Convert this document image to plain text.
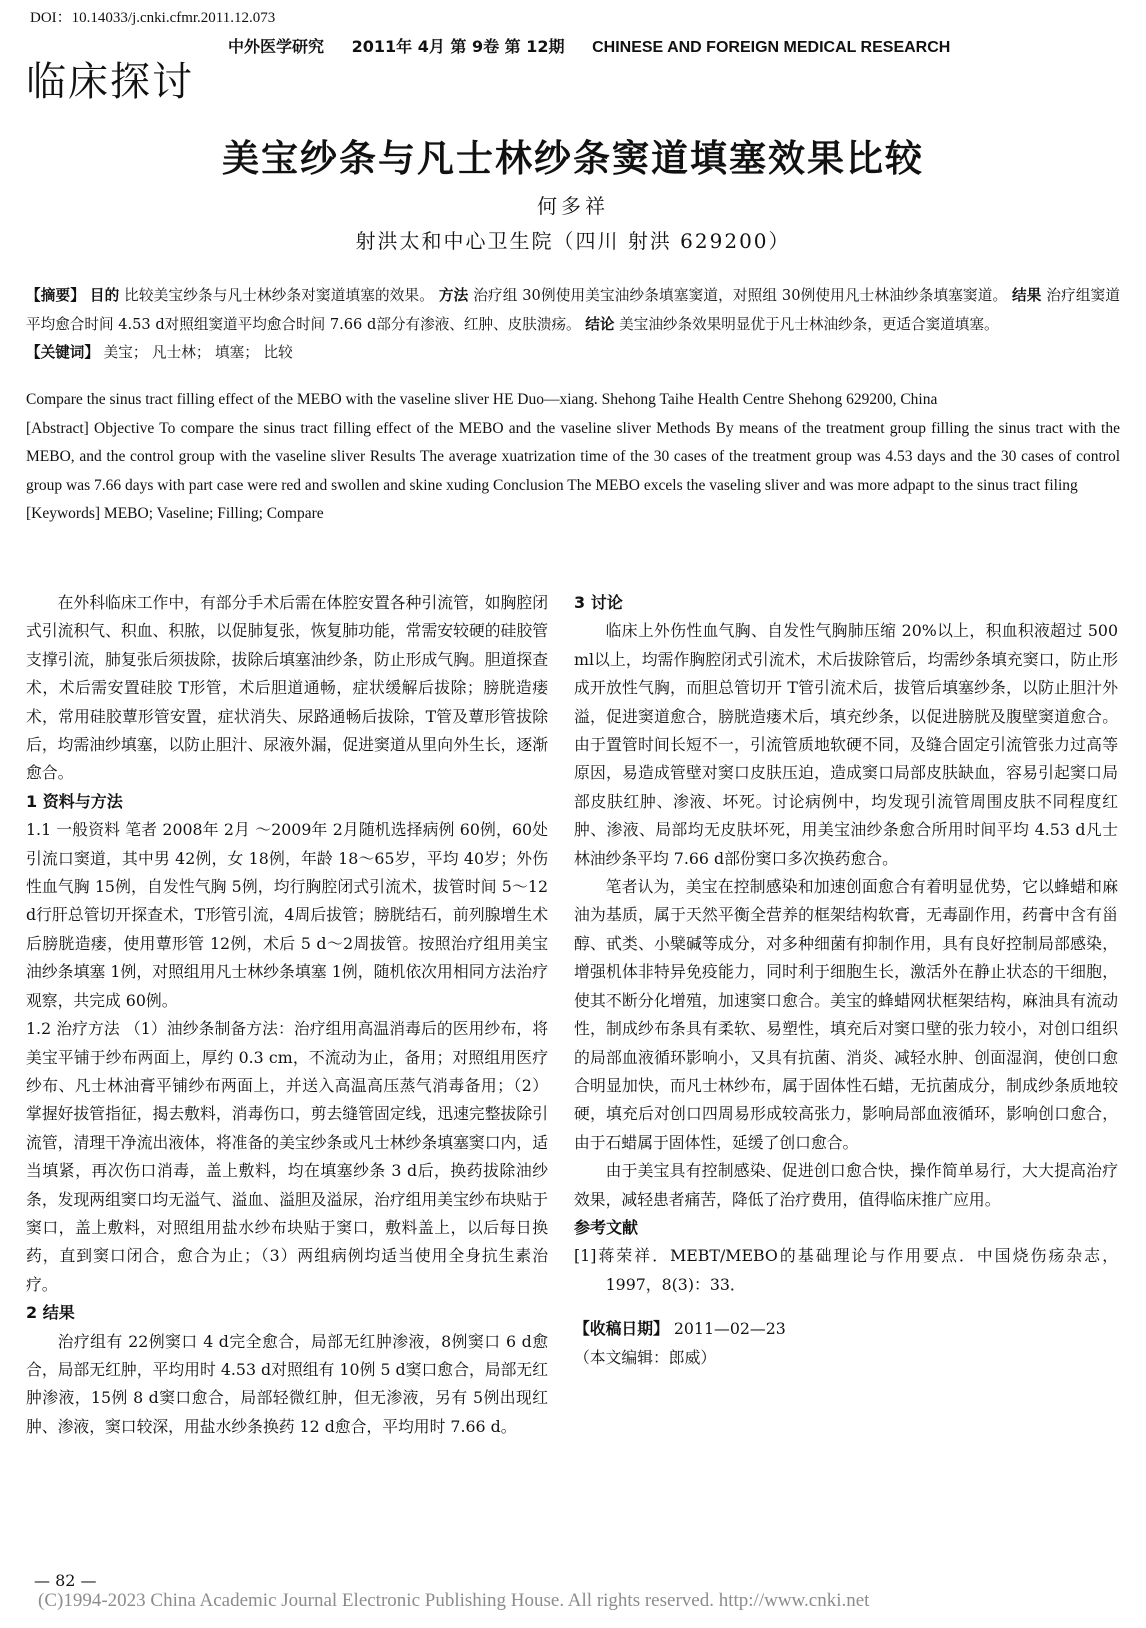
DOI：10.14033/j.cnki.cfmr.2011.12.073
临床探讨
中外医学研究 2011年 4月 第 9卷 第 12期 CHINESE AND FOREIGN MEDICAL RESEARCH
美宝纱条与凡士林纱条窦道填塞效果比较
何多祥
射洪太和中心卫生院（四川 射洪 629200）
【摘要】 目的 比较美宝纱条与凡士林纱条对窦道填塞的效果。 方法 治疗组 30例使用美宝油纱条填塞窦道，对照组 30例使用凡士林油纱条填塞窦道。 结果 治疗组窦道平均愈合时间 4.53 d对照组窦道平均愈合时间 7.66 d部分有渗液、红肿、皮肤溃疡。 结论 美宝油纱条效果明显优于凡士林油纱条，更适合窦道填塞。
【关键词】 美宝； 凡士林； 填塞； 比较
Compare the sinus tract filling effect of the MEBO with the vaseline sliver HE Duo—xiang. Shehong Taihe Health Centre Shehong 629200, China
[Abstract] Objective To compare the sinus tract filling effect of the MEBO and the vaseline sliver Methods By means of the treatment group filling the sinus tract with the MEBO, and the control group with the vaseline sliver Results The average xuatrization time of the 30 cases of the treatment group was 4.53 days and the 30 cases of control group was 7.66 days with part case were red and swollen and skine xuding Conclusion The MEBO excels the vaseling sliver and was more adpapt to the sinus tract filing
[Keywords] MEBO; Vaseline; Filling; Compare

在外科临床工作中，有部分手术后需在体腔安置各种引流管，如胸腔闭式引流积气、积血、积脓，以促肺复张，恢复肺功能，常需安较硬的硅胶管支撑引流，肺复张后须拔除，拔除后填塞油纱条，防止形成气胸。胆道探查术，术后需安置硅胶 T形管，术后胆道通畅，症状缓解后拔除；膀胱造瘘术，常用硅胶蕈形管安置，症状消失、尿路通畅后拔除，T管及蕈形管拔除后，均需油纱填塞，以防止胆汁、尿液外漏，促进窦道从里向外生长，逐渐愈合。

1 资料与方法

1.1 一般资料 笔者 2008年 2月 ～2009年 2月随机选择病例 60例，60处引流口窦道，其中男 42例，女 18例，年龄 18～65岁，平均 40岁；外伤性血气胸 15例，自发性气胸 5例，均行胸腔闭式引流术，拔管时间 5～12 d行肝总管切开探查术，T形管引流，4周后拔管；膀胱结石，前列腺增生术后膀胱造瘘，使用蕈形管 12例，术后 5 d～2周拔管。按照治疗组用美宝油纱条填塞 1例，对照组用凡士林纱条填塞 1例，随机依次用相同方法治疗观察，共完成 60例。

1.2 治疗方法 （1）油纱条制备方法：治疗组用高温消毒后的医用纱布，将美宝平铺于纱布两面上，厚约 0.3 cm，不流动为止，备用；对照组用医疗纱布、凡士林油膏平铺纱布两面上，并送入高温高压蒸气消毒备用；（2）掌握好拔管指征，揭去敷料，消毒伤口，剪去缝管固定线，迅速完整拔除引流管，清理干净流出液体，将准备的美宝纱条或凡士林纱条填塞窦口内，适当填紧，再次伤口消毒，盖上敷料，均在填塞纱条 3 d后，换药拔除油纱条，发现两组窦口均无溢气、溢血、溢胆及溢尿，治疗组用美宝纱布块贴于窦口，盖上敷料，对照组用盐水纱布块贴于窦口，敷料盖上，以后每日换药，直到窦口闭合，愈合为止；（3）两组病例均适当使用全身抗生素治疗。

2 结果

治疗组有 22例窦口 4 d完全愈合，局部无红肿渗液，8例窦口 6 d愈合，局部无红肿，平均用时 4.53 d对照组有 10例 5 d窦口愈合，局部无红肿渗液，15例 8 d窦口愈合，局部轻微红肿，但无渗液，另有 5例出现红肿、渗液，窦口较深，用盐水纱条换药 12 d愈合，平均用时 7.66 d。

3 讨论

临床上外伤性血气胸、自发性气胸肺压缩 20%以上，积血积液超过 500 ml以上，均需作胸腔闭式引流术，术后拔除管后，均需纱条填充窦口，防止形成开放性气胸，而胆总管切开 T管引流术后，拔管后填塞纱条，以防止胆汁外溢，促进窦道愈合，膀胱造瘘术后，填充纱条，以促进膀胱及腹壁窦道愈合。由于置管时间长短不一，引流管质地软硬不同，及缝合固定引流管张力过高等原因，易造成管壁对窦口皮肤压迫，造成窦口局部皮肤缺血，容易引起窦口局部皮肤红肿、渗液、坏死。讨论病例中，均发现引流管周围皮肤不同程度红肿、渗液、局部均无皮肤坏死，用美宝油纱条愈合所用时间平均 4.53 d凡士林油纱条平均 7.66 d部份窦口多次换药愈合。

笔者认为，美宝在控制感染和加速创面愈合有着明显优势，它以蜂蜡和麻油为基质，属于天然平衡全营养的框架结构软膏，无毒副作用，药膏中含有甾醇、甙类、小檗碱等成分，对多种细菌有抑制作用，具有良好控制局部感染，增强机体非特异免疫能力，同时利于细胞生长，激活外在静止状态的干细胞，使其不断分化增殖，加速窦口愈合。美宝的蜂蜡网状框架结构，麻油具有流动性，制成纱布条具有柔软、易塑性，填充后对窦口壁的张力较小，对创口组织的局部血液循环影响小，又具有抗菌、消炎、减轻水肿、创面湿润，使创口愈合明显加快，而凡士林纱布，属于固体性石蜡，无抗菌成分，制成纱条质地较硬，填充后对创口四周易形成较高张力，影响局部血液循环，影响创口愈合，由于石蜡属于固体性，延缓了创口愈合。

由于美宝具有控制感染、促进创口愈合快，操作简单易行，大大提高治疗效果，减轻患者痛苦，降低了治疗费用，值得临床推广应用。

参考文献

[1]蒋荣祥．MEBT/MEBO的基础理论与作用要点．中国烧伤疡杂志，1997，8(3)：33．

【收稿日期】 2011—02—23

（本文编辑：郎威）

— 82 —
(C)1994-2023 China Academic Journal Electronic Publishing House. All rights reserved. http://www.cnki.net
